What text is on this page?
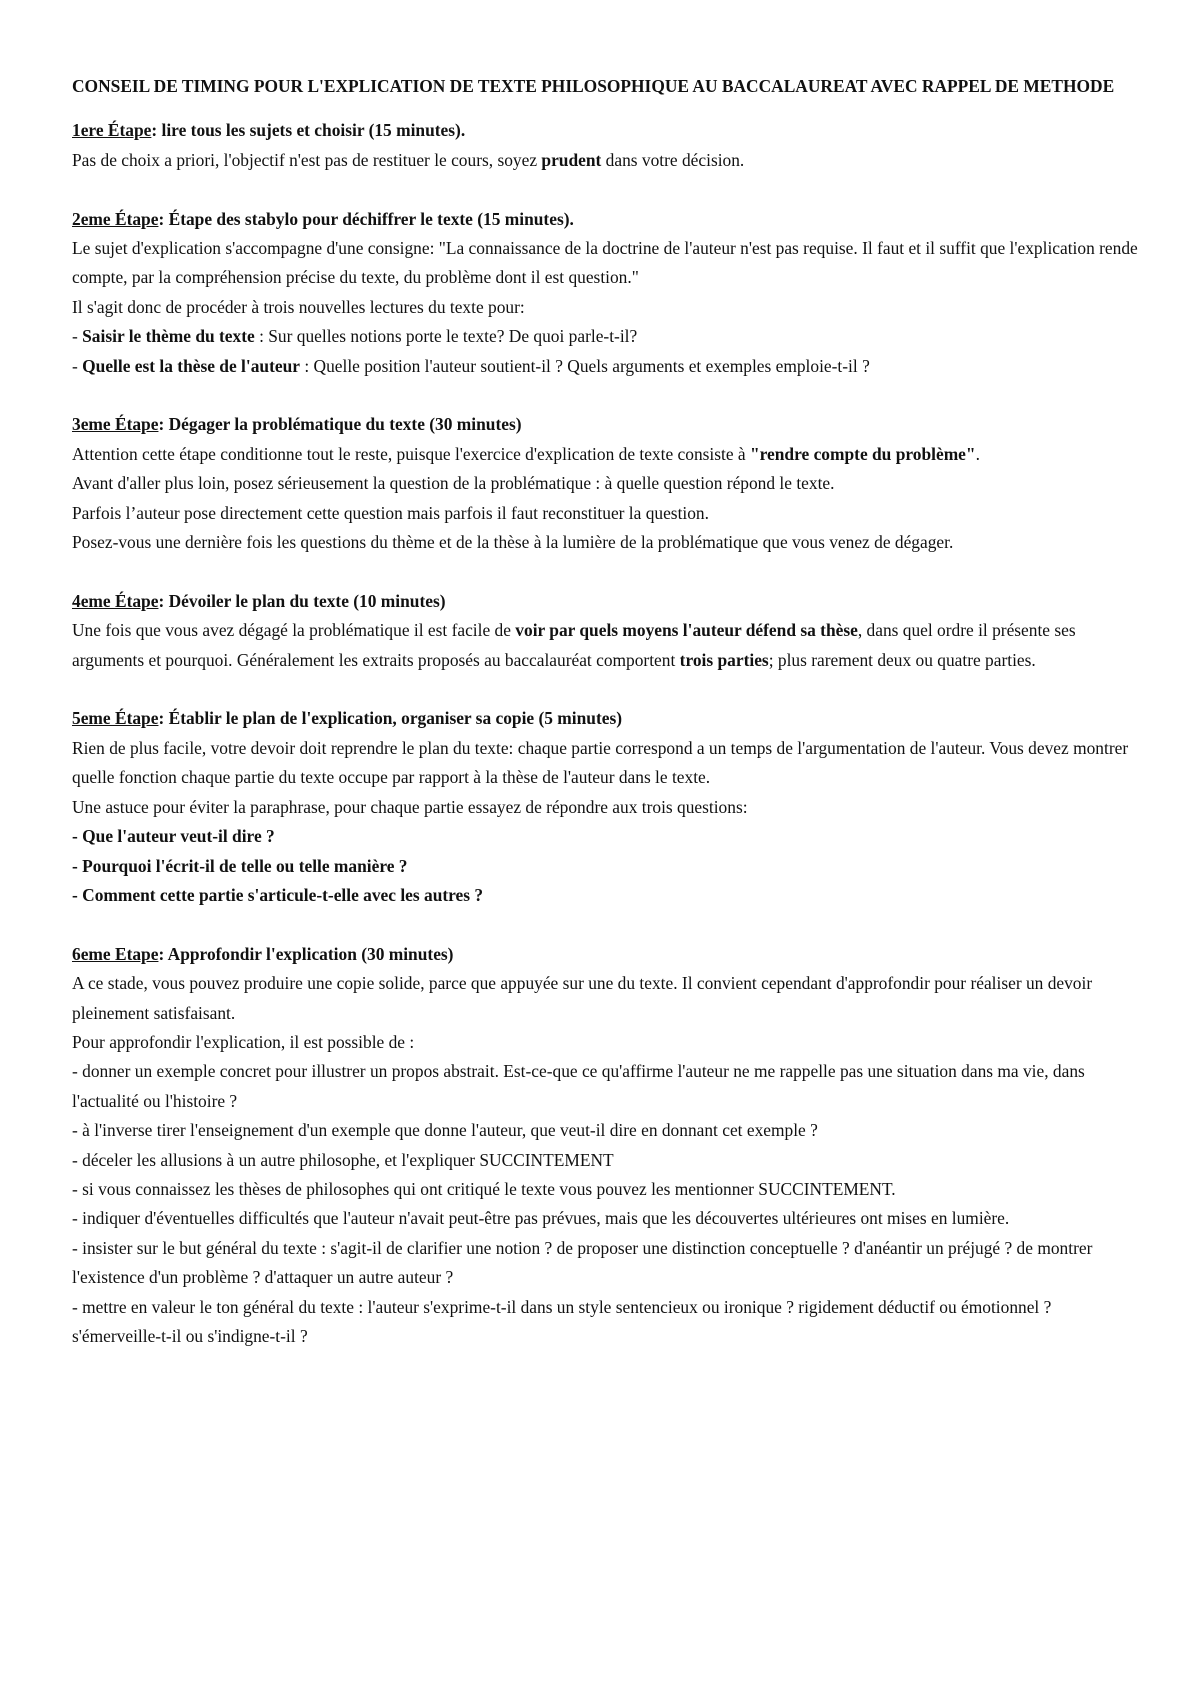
CONSEIL DE TIMING POUR L'EXPLICATION DE TEXTE PHILOSOPHIQUE AU BACCALAUREAT AVEC RAPPEL DE METHODE

1ere Étape: lire tous les sujets et choisir (15 minutes).

Pas de choix a priori, l'objectif n'est pas de restituer le cours, soyez prudent dans votre décision.

2eme Étape: Étape des stabylo pour déchiffrer le texte (15 minutes).

Le sujet d'explication s'accompagne d'une consigne: "La connaissance de la doctrine de l'auteur n'est pas requise. Il faut et il suffit que l'explication rende compte, par la compréhension précise du texte, du problème dont il est question."

Il s'agit donc de procéder à trois nouvelles lectures du texte pour:

- Saisir le thème du texte : Sur quelles notions porte le texte? De quoi parle-t-il?

- Quelle est la thèse de l'auteur : Quelle position l'auteur soutient-il ? Quels arguments et exemples emploie-t-il ?

3eme Étape: Dégager la problématique du texte (30 minutes)

Attention cette étape conditionne tout le reste, puisque l'exercice d'explication de texte consiste à "rendre compte du problème".

Avant d'aller plus loin, posez sérieusement la question de la problématique : à quelle question répond le texte.

Parfois l’auteur pose directement cette question mais parfois il faut reconstituer la question.

Posez-vous une dernière fois les questions du thème et de la thèse à la lumière de la problématique que vous venez de dégager.

4eme Étape: Dévoiler le plan du texte (10 minutes)

Une fois que vous avez dégagé la problématique il est facile de voir par quels moyens l'auteur défend sa thèse, dans quel ordre il présente ses arguments et pourquoi. Généralement les extraits proposés au baccalauréat comportent trois parties; plus rarement deux ou quatre parties.

5eme Étape: Établir le plan de l'explication, organiser sa copie (5 minutes)

Rien de plus facile, votre devoir doit reprendre le plan du texte: chaque partie correspond a un temps de l'argumentation de l'auteur. Vous devez montrer quelle fonction chaque partie du texte occupe par rapport à la thèse de l'auteur dans le texte.

Une astuce pour éviter la paraphrase, pour chaque partie essayez de répondre aux trois questions:

- Que l'auteur veut-il dire ?

- Pourquoi l'écrit-il de telle ou telle manière ?

- Comment cette partie s'articule-t-elle avec les autres ?

6eme Etape: Approfondir l'explication (30 minutes)

A ce stade, vous pouvez produire une copie solide, parce que appuyée sur une du texte. Il convient cependant d'approfondir pour réaliser un devoir pleinement satisfaisant.

Pour approfondir l'explication, il est possible de :

- donner un exemple concret pour illustrer un propos abstrait. Est-ce-que ce qu'affirme l'auteur ne me rappelle pas une situation dans ma vie, dans l'actualité ou l'histoire ?

- à l'inverse tirer l'enseignement d'un exemple que donne l'auteur, que veut-il dire en donnant cet exemple ?

- déceler les allusions à un autre philosophe, et l'expliquer SUCCINTEMENT

- si vous connaissez les thèses de philosophes qui ont critiqué le texte vous pouvez les mentionner SUCCINTEMENT.

- indiquer d'éventuelles difficultés que l'auteur n'avait peut-être pas prévues, mais que les découvertes ultérieures ont mises en lumière.

- insister sur le but général du texte : s'agit-il de clarifier une notion ? de proposer une distinction conceptuelle ? d'anéantir un préjugé ? de montrer l'existence d'un problème ? d'attaquer un autre auteur ?

- mettre en valeur le ton général du texte : l'auteur s'exprime-t-il dans un style sentencieux ou ironique ? rigidement déductif ou émotionnel ? s'émerveille-t-il ou s'indigne-t-il ?
